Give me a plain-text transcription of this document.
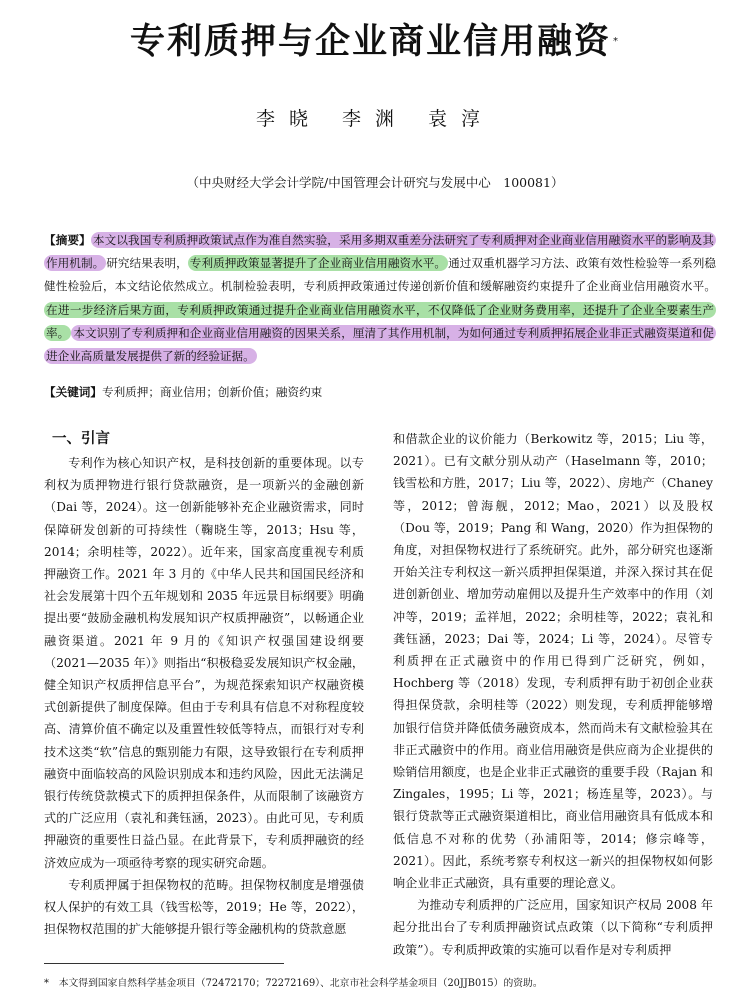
专利质押与企业商业信用融资 *
李晓 李渊 袁淳
（中央财经大学会计学院/中国管理会计研究与发展中心　100081）
【摘要】 本文以我国专利质押政策试点作为准自然实验，采用多期双重差分法研究了专利质押对企业商业信用融资水平的影响及其作用机制。 研究结果表明， 专利质押政策显著提升了企业商业信用融资水平。 通过双重机器学习方法、政策有效性检验等一系列稳健性检验后，本文结论依然成立。机制检验表明，专利质押政策通过传递创新价值和缓解融资约束提升了企业商业信用融资水平。在进一步经济后果方面，专利质押政策通过提升企业商业信用融资水平，不仅降低了企业财务费用率，还提升了企业全要素生产率。 本文识别了专利质押和企业商业信用融资的因果关系，厘清了其作用机制，为如何通过专利质押拓展企业非正式融资渠道和促进企业高质量发展提供了新的经验证据。
【关键词】专利质押；商业信用；创新价值；融资约束
一、引言

专利作为核心知识产权，是科技创新的重要体现。以专利权为质押物进行银行贷款融资，是一项新兴的金融创新（Dai 等，2024）。这一创新能够补充企业融资需求，同时保障研发创新的可持续性（鞠晓生等，2013；Hsu 等，2014；余明桂等，2022）。近年来，国家高度重视专利质押融资工作。2021 年 3 月的《中华人民共和国国民经济和社会发展第十四个五年规划和 2035 年远景目标纲要》明确提出要“鼓励金融机构发展知识产权质押融资”，以畅通企业融资渠道。2021 年 9 月的《知识产权强国建设纲要（2021—2035 年）》则指出“积极稳妥发展知识产权金融，健全知识产权质押信息平台”，为规范探索知识产权融资模式创新提供了制度保障。但由于专利具有信息不对称程度较高、清算价值不确定以及重置性较低等特点，而银行对专利技术这类“软”信息的甄别能力有限，这导致银行在专利质押融资中面临较高的风险识别成本和违约风险，因此无法满足银行传统贷款模式下的质押担保条件，从而限制了该融资方式的广泛应用（袁礼和龚钰涵，2023）。由此可见，专利质押融资的重要性日益凸显。在此背景下，专利质押融资的经济效应成为一项亟待考察的现实研究命题。

专利质押属于担保物权的范畴。担保物权制度是增强债权人保护的有效工具（钱雪松等，2019；He 等，2022），担保物权范围的扩大能够提升银行等金融机构的贷款意愿

和借款企业的议价能力（Berkowitz 等，2015；Liu 等，2021）。已有文献分别从动产（Haselmann 等，2010；钱雪松和方胜，2017；Liu 等，2022）、房地产（Chaney 等，2012；曾海舰，2012；Mao，2021）以及股权（Dou 等，2019；Pang 和 Wang，2020）作为担保物的角度，对担保物权进行了系统研究。此外，部分研究也逐渐开始关注专利权这一新兴质押担保渠道，并深入探讨其在促进创新创业、增加劳动雇佣以及提升生产效率中的作用（刘冲等，2019；孟祥旭，2022；余明桂等，2022；袁礼和龚钰涵，2023；Dai 等，2024；Li 等，2024）。尽管专利质押在正式融资中的作用已得到广泛研究，例如，Hochberg 等（2018）发现，专利质押有助于初创企业获得担保贷款，余明桂等（2022）则发现，专利质押能够增加银行信贷并降低债务融资成本，然而尚未有文献检验其在非正式融资中的作用。商业信用融资是供应商为企业提供的赊销信用额度，也是企业非正式融资的重要手段（Rajan 和 Zingales，1995；Li 等，2021；杨连星等，2023）。与银行贷款等正式融资渠道相比，商业信用融资具有低成本和低信息不对称的优势（孙浦阳等，2014；修宗峰等，2021）。因此，系统考察专利权这一新兴的担保物权如何影响企业非正式融资，具有重要的理论意义。

为推动专利质押的广泛应用，国家知识产权局 2008 年起分批出台了专利质押融资试点政策（以下简称“专利质押政策”）。专利质押政策的实施可以看作是对专利质押

*　 本文得到国家自然科学基金项目（72472170；72272169）、北京市社会科学基金项目（20JJB015）的资助。
